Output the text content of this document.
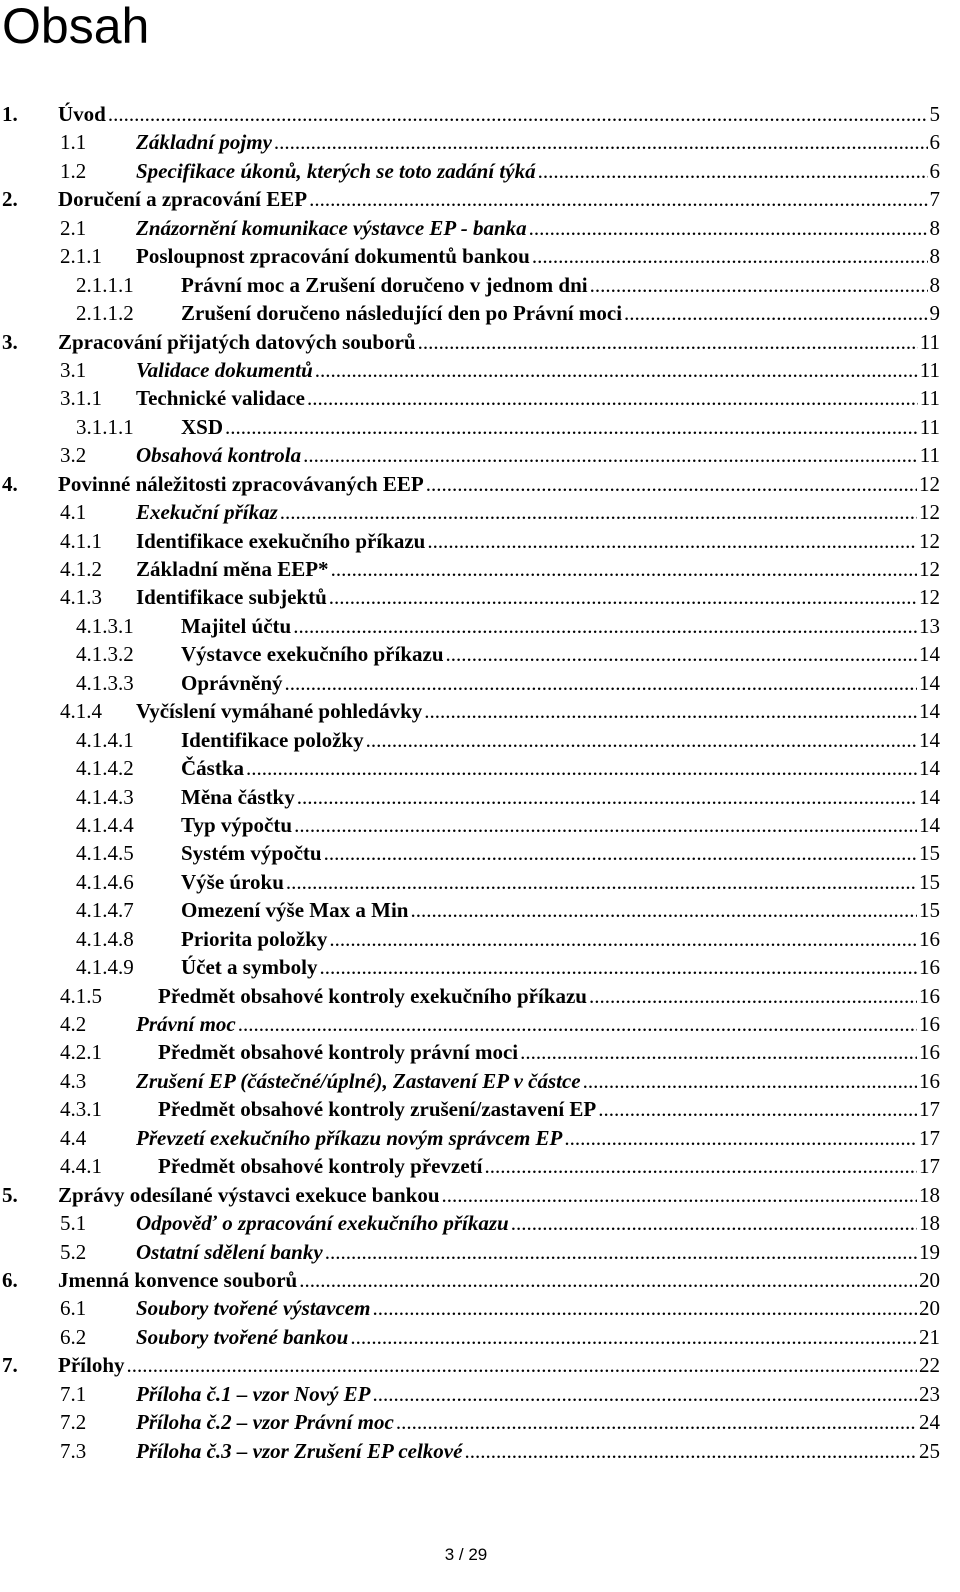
Obsah
1. Úvod .....	5
1.1 Základní pojmy .....	6
1.2 Specifikace úkonů, kterých se toto zadání týká .....	6
2. Doručení a zpracování EEP .....	7
2.1 Znázornění komunikace výstavce EP - banka .....	8
2.1.1 Posloupnost zpracování dokumentů bankou .....	8
2.1.1.1 Právní moc a Zrušení doručeno v jednom dni .....	8
2.1.1.2 Zrušení doručeno následující den po Právní moci .....	9
3. Zpracování přijatých datových souborů .....	11
3.1 Validace dokumentů .....	11
3.1.1 Technické validace .....	11
3.1.1.1 XSD .....	11
3.2 Obsahová kontrola .....	11
4. Povinné náležitosti zpracovávaných EEP .....	12
4.1 Exekuční příkaz .....	12
4.1.1 Identifikace exekučního příkazu .....	12
4.1.2 Základní měna EEP* .....	12
4.1.3 Identifikace subjektů .....	12
4.1.3.1 Majitel účtu .....	13
4.1.3.2 Výstavce exekučního příkazu .....	14
4.1.3.3 Oprávněný .....	14
4.1.4 Vyčíslení vymáhané pohledávky .....	14
4.1.4.1 Identifikace položky .....	14
4.1.4.2 Částka .....	14
4.1.4.3 Měna částky .....	14
4.1.4.4 Typ výpočtu .....	14
4.1.4.5 Systém výpočtu .....	15
4.1.4.6 Výše úroku .....	15
4.1.4.7 Omezení výše Max a Min .....	15
4.1.4.8 Priorita položky .....	16
4.1.4.9 Účet a symboly .....	16
4.1.5	Předmět obsahové kontroly exekučního příkazu .....	16
4.2 Právní moc .....	16
4.2.1	Předmět obsahové kontroly právní moci .....	16
4.3 Zrušení EP (částečné/úplné), Zastavení EP v částce .....	16
4.3.1	Předmět obsahové kontroly zrušení/zastavení EP .....	17
4.4 Převzetí exekučního příkazu novým správcem EP .....	17
4.4.1	Předmět obsahové kontroly převzetí .....	17
5. Zprávy odesílané výstavci exekuce bankou .....	18
5.1 Odpověď o zpracování exekučního příkazu .....	18
5.2 Ostatní sdělení banky .....	19
6. Jmenná konvence souborů .....	20
6.1 Soubory tvořené výstavcem .....	20
6.2 Soubory tvořené bankou .....	21
7. Přílohy .....	22
7.1 Příloha č.1 – vzor Nový EP .....	23
7.2 Příloha č.2 – vzor Právní moc .....	24
7.3 Příloha č.3 – vzor Zrušení EP celkové .....	25
3 / 29
